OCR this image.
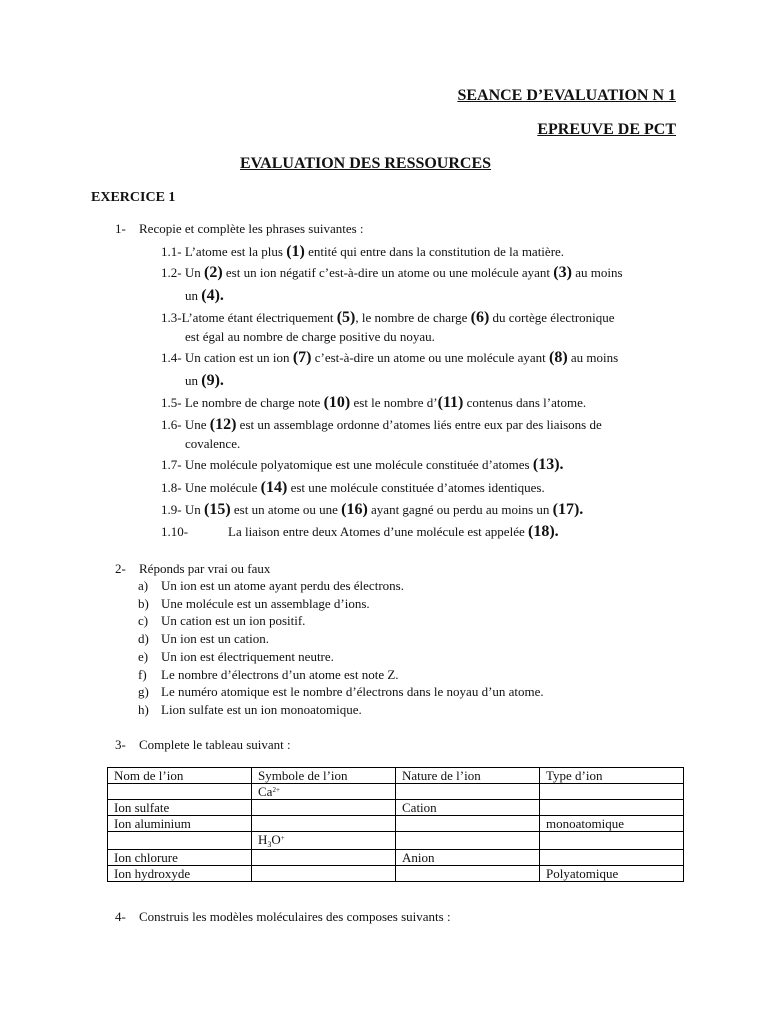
SEANCE D’EVALUATION N 1
EPREUVE DE PCT
EVALUATION DES RESSOURCES
EXERCICE 1
1- Recopie et complète les phrases suivantes :
1.1- L’atome est la plus (1) entité qui entre dans la constitution de la matière.
1.2- Un (2) est un ion négatif c’est-à-dire un atome ou une molécule ayant (3) au moins
un (4).
1.3-L’atome étant électriquement (5), le nombre de charge (6) du cortège électronique
est égal au nombre de charge positive du noyau.
1.4- Un cation est un ion (7) c’est-à-dire un atome ou une molécule ayant (8) au moins
un (9).
1.5- Le nombre de charge note (10) est le nombre d’(11) contenus dans l’atome.
1.6- Une (12) est un assemblage ordonne d’atomes liés entre eux par des liaisons de
covalence.
1.7- Une molécule polyatomique est une molécule constituée d’atomes (13).
1.8- Une molécule (14) est une molécule constituée d’atomes identiques.
1.9- Un (15) est un atome ou une (16) ayant gagné ou perdu au moins un (17).
1.10-	La liaison entre deux Atomes d’une molécule est appelée (18).
2- Réponds par vrai ou faux
a) Un ion est un atome ayant perdu des électrons.
b) Une molécule est un assemblage d’ions.
c) Un cation est un ion positif.
d) Un ion est un cation.
e) Un ion est électriquement neutre.
f) Le nombre d’électrons d’un atome est note Z.
g) Le numéro atomique est le nombre d’électrons dans le noyau d’un atome.
h) Lion sulfate est un ion monoatomique.
3- Complete le tableau suivant :
Nom de l’ion	Symbole de l’ion	Nature de l’ion	Type d’ion
	$Ca^{2+}$		
Ion sulfate		Cation	
Ion aluminium			monoatomique
	$H_3O^+$		
Ion chlorure		Anion	
Ion hydroxyde			Polyatomique
4- Construis les modèles moléculaires des composes suivants :
